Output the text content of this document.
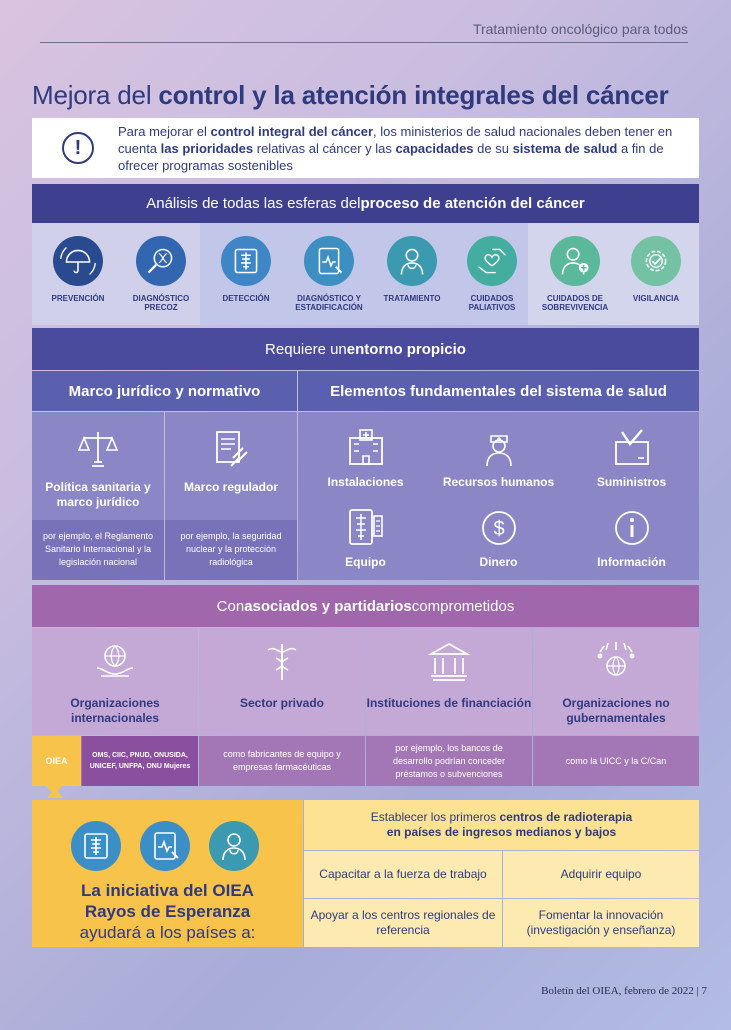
Tratamiento oncológico para todos
Mejora del control y la atención integrales del cáncer
!
Para mejorar el control integral del cáncer, los ministerios de salud nacionales deben tener en cuenta las prioridades relativas al cáncer y las capacidades de su sistema de salud a fin de ofrecer programas sostenibles
Análisis de todas las esferas del proceso de atención del cáncer
PREVENCIÓN	DIAGNÓSTICO PRECOZ
DETECCIÓN	DIAGNÓSTICO Y ESTADIFICACIÓN
TRATAMIENTO	CUIDADOS PALIATIVOS
CUIDADOS DE SOBREVIVENCIA
VIGILANCIA
Requiere un entorno propicio
Marco jurídico y normativo	Elementos fundamentales del sistema de salud
Política sanitaria y marco jurídico
por ejemplo, el Reglamento Sanitario Internacional y la legislación nacional
Marco regulador
por ejemplo, la seguridad nuclear y la protección radiológica
Instalaciones	Recursos humanos	Suministros
Equipo
$
Dinero	Información
Con asociados y partidarios comprometidos
Organizaciones internacionales
Sector privado
como fabricantes de equipo y empresas farmacéuticas
Instituciones de financiación
por ejemplo, los bancos de desarrollo podrían conceder préstamos o subvenciones
Organizaciones no gubernamentales
como la UICC y la C/Can
OIEA
OMS, CIIC, PNUD, ONUSIDA, UNICEF, UNFPA, ONU Mujeres
La iniciativa del OIEA
Rayos de Esperanza
ayudará a los países a:
Establecer los primeros centros de radioterapia
en países de ingresos medianos y bajos
Capacitar a la fuerza de trabajo	Adquirir equipo
Apoyar a los centros regionales de referencia
Fomentar la innovación (investigación y enseñanza)
Boletín del OIEA, febrero de 2022 | 7
